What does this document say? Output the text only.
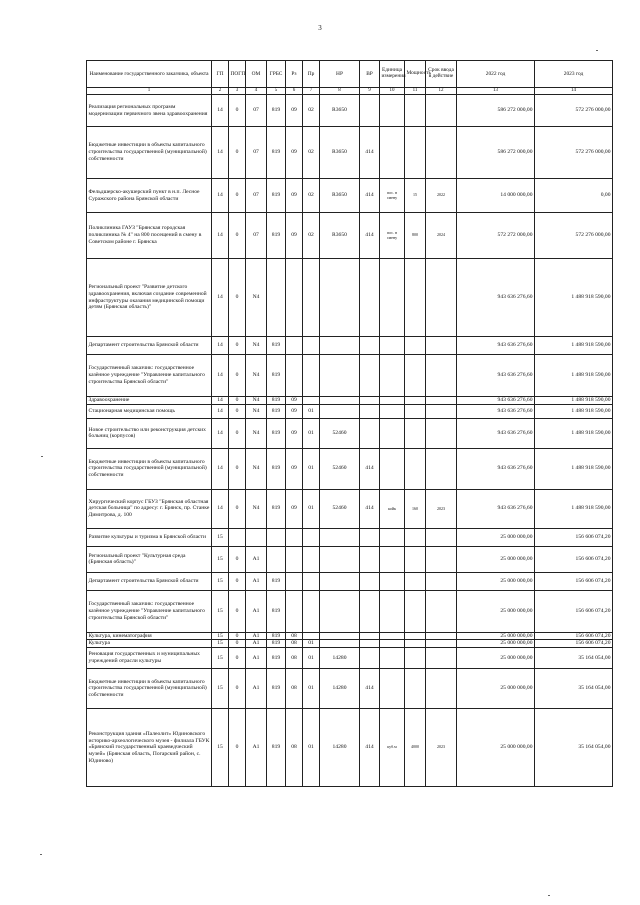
3
Наименование государственного заказчика, объекта	ГП	ПОГП	ОМ	ГРБС	Рз	Пр	НР	ВР	Единица измерения	Мощность	Срок ввода в действие	2022 год	2023 год
1	2	3	4	5	6	7	8	9	10	11	12	13	14
Реализация региональных программ модернизации первичного звена здравоохранения	14	0	07	819	09	02	R3650					586 272 000,00	572 276 000,00
Бюджетные инвестиции в объекты капитального строительства государственной (муниципальной) собственности	14	0	07	819	09	02	R3650	414				586 272 000,00	572 276 000,00
Фельдшерско-акушерский пункт в н.п. Лесное Суражского района Брянской области	14	0	07	819	09	02	R3650	414	пос. в смену	15	2022	14 000 000,00	0,00
Поликлиника ГАУЗ "Брянская городская поликлиника № 4" на 800 посещений в смену в Советском районе г. Брянска	14	0	07	819	09	02	R3650	414	пос. в смену	800	2024	572 272 000,00	572 276 000,00
Региональный проект "Развитие детского здравоохранения, включая создание современной инфраструктуры оказания медицинской помощи детям (Брянская область)"	14	0	N4									943 636 276,60	1 488 918 590,00
Департамент строительства Брянской области	14	0	N4	819								943 636 276,60	1 488 918 590,00
Государственный заказчик: государственное казённое учреждение "Управление капитального строительства Брянской области"	14	0	N4	819								943 636 276,60	1 488 918 590,00
Здравоохранение	14	0	N4	819	09							943 636 276,60	1 488 918 590,00
Стационарная медицинская помощь	14	0	N4	819	09	01						943 636 276,60	1 488 918 590,00
Новое строительство или реконструкция детских больниц (корпусов)	14	0	N4	819	09	01	52460					943 636 276,60	1 488 918 590,00
Бюджетные инвестиции в объекты капитального строительства государственной (муниципальной) собственности	14	0	N4	819	09	01	52460	414				943 636 276,60	1 488 918 590,00
Хирургический корпус ГБУЗ "Брянская областная детская больница" по адресу: г. Брянск, пр. Станке Димитрова, д. 100	14	0	N4	819	09	01	52460	414	койк	160	2023	943 636 276,60	1 488 918 590,00
Развитие культуры и туризма в Брянской области	15											25 000 000,00	156 606 074,20
Региональный проект "Культурная среда (Брянская область)"	15	0	A1									25 000 000,00	156 606 074,20
Департамент строительства Брянской области	15	0	A1	819								25 000 000,00	156 606 074,20
Государственный заказчик: государственное казённое учреждение "Управление капитального строительства Брянской области"	15	0	A1	819								25 000 000,00	156 606 074,20
Культура, кинематография	15	0	A1	819	08							25 000 000,00	156 606 074,20
Культура	15	0	A1	819	08	01						25 000 000,00	156 606 074,20
Реновация государственных и муниципальных учреждений отрасли культуры	15	0	A1	819	08	01	14280					25 000 000,00	35 164 054,00
Бюджетные инвестиции в объекты капитального строительства государственной (муниципальной) собственности	15	0	A1	819	08	01	14280	414				25 000 000,00	35 164 054,00
Реконструкция здания «Палеолит» Юдиновского историко-археологического музея - филиала ГБУК «Брянский государственный краеведческий музей» (Брянская область, Погарский район, с. Юдиново)	15	0	A1	819	08	01	14280	414	куб.м	4000	2023	25 000 000,00	35 164 054,00
